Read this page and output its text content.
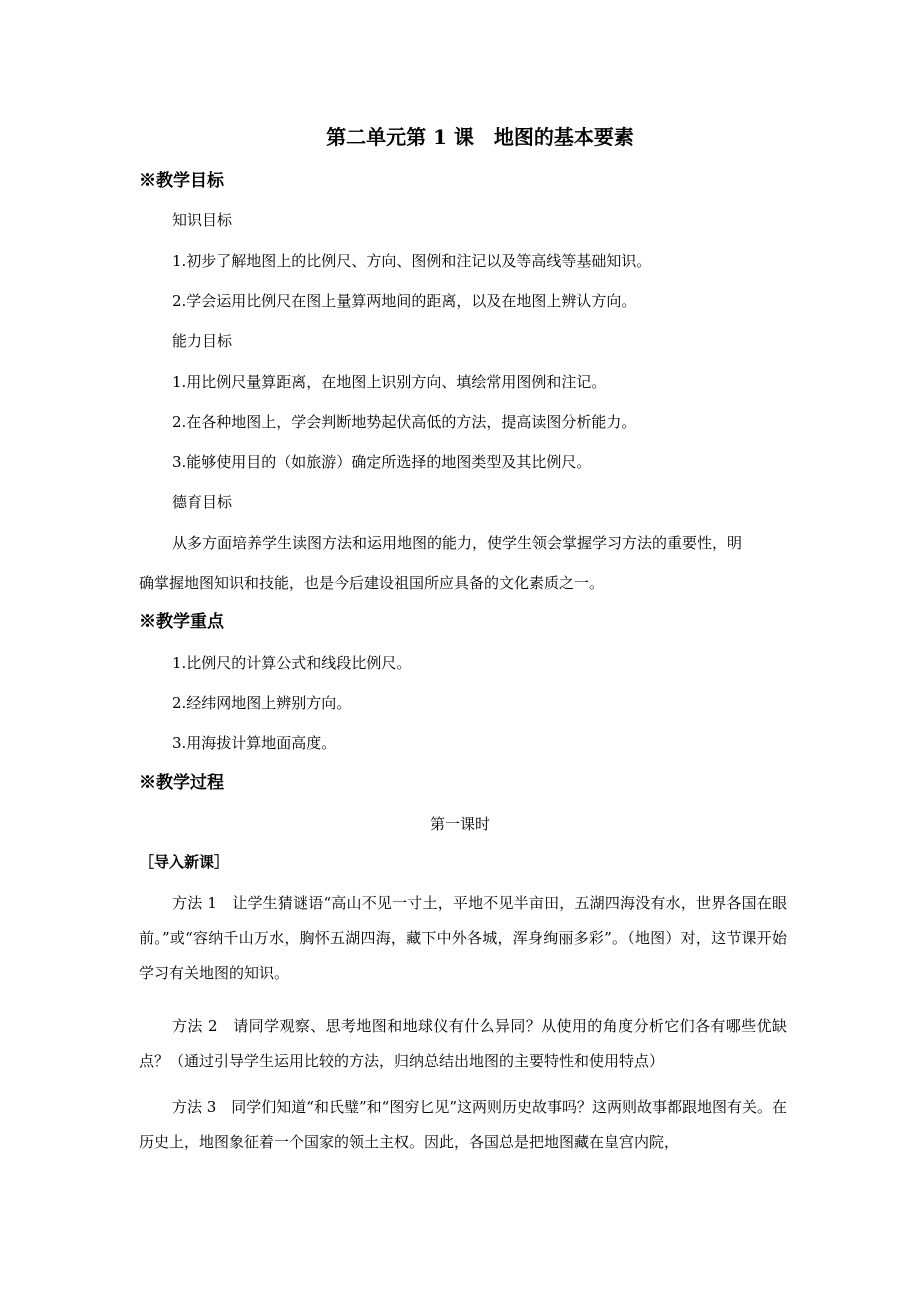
第二单元第 1 课　地图的基本要素
※教学目标
知识目标
1.初步了解地图上的比例尺、方向、图例和注记以及等高线等基础知识。
2.学会运用比例尺在图上量算两地间的距离，以及在地图上辨认方向。
能力目标
1.用比例尺量算距离，在地图上识别方向、填绘常用图例和注记。
2.在各种地图上，学会判断地势起伏高低的方法，提高读图分析能力。
3.能够使用目的（如旅游）确定所选择的地图类型及其比例尺。
德育目标
从多方面培养学生读图方法和运用地图的能力，使学生领会掌握学习方法的重要性，明
确掌握地图知识和技能，也是今后建设祖国所应具备的文化素质之一。
※教学重点
1.比例尺的计算公式和线段比例尺。
2.经纬网地图上辨别方向。
3.用海拔计算地面高度。
※教学过程
第一课时
［导入新课］
方法 1　让学生猜谜语“高山不见一寸土，平地不见半亩田，五湖四海没有水，世界各国在眼前。”或“容纳千山万水，胸怀五湖四海，藏下中外各城，浑身绚丽多彩”。（地图）对，这节课开始学习有关地图的知识。
方法 2　请同学观察、思考地图和地球仪有什么异同？从使用的角度分析它们各有哪些优缺点？（通过引导学生运用比较的方法，归纳总结出地图的主要特性和使用特点）
方法 3　同学们知道“和氏璧”和“图穷匕见”这两则历史故事吗？这两则故事都跟地图有关。在历史上，地图象征着一个国家的领土主权。因此，各国总是把地图藏在皇宫内院，
